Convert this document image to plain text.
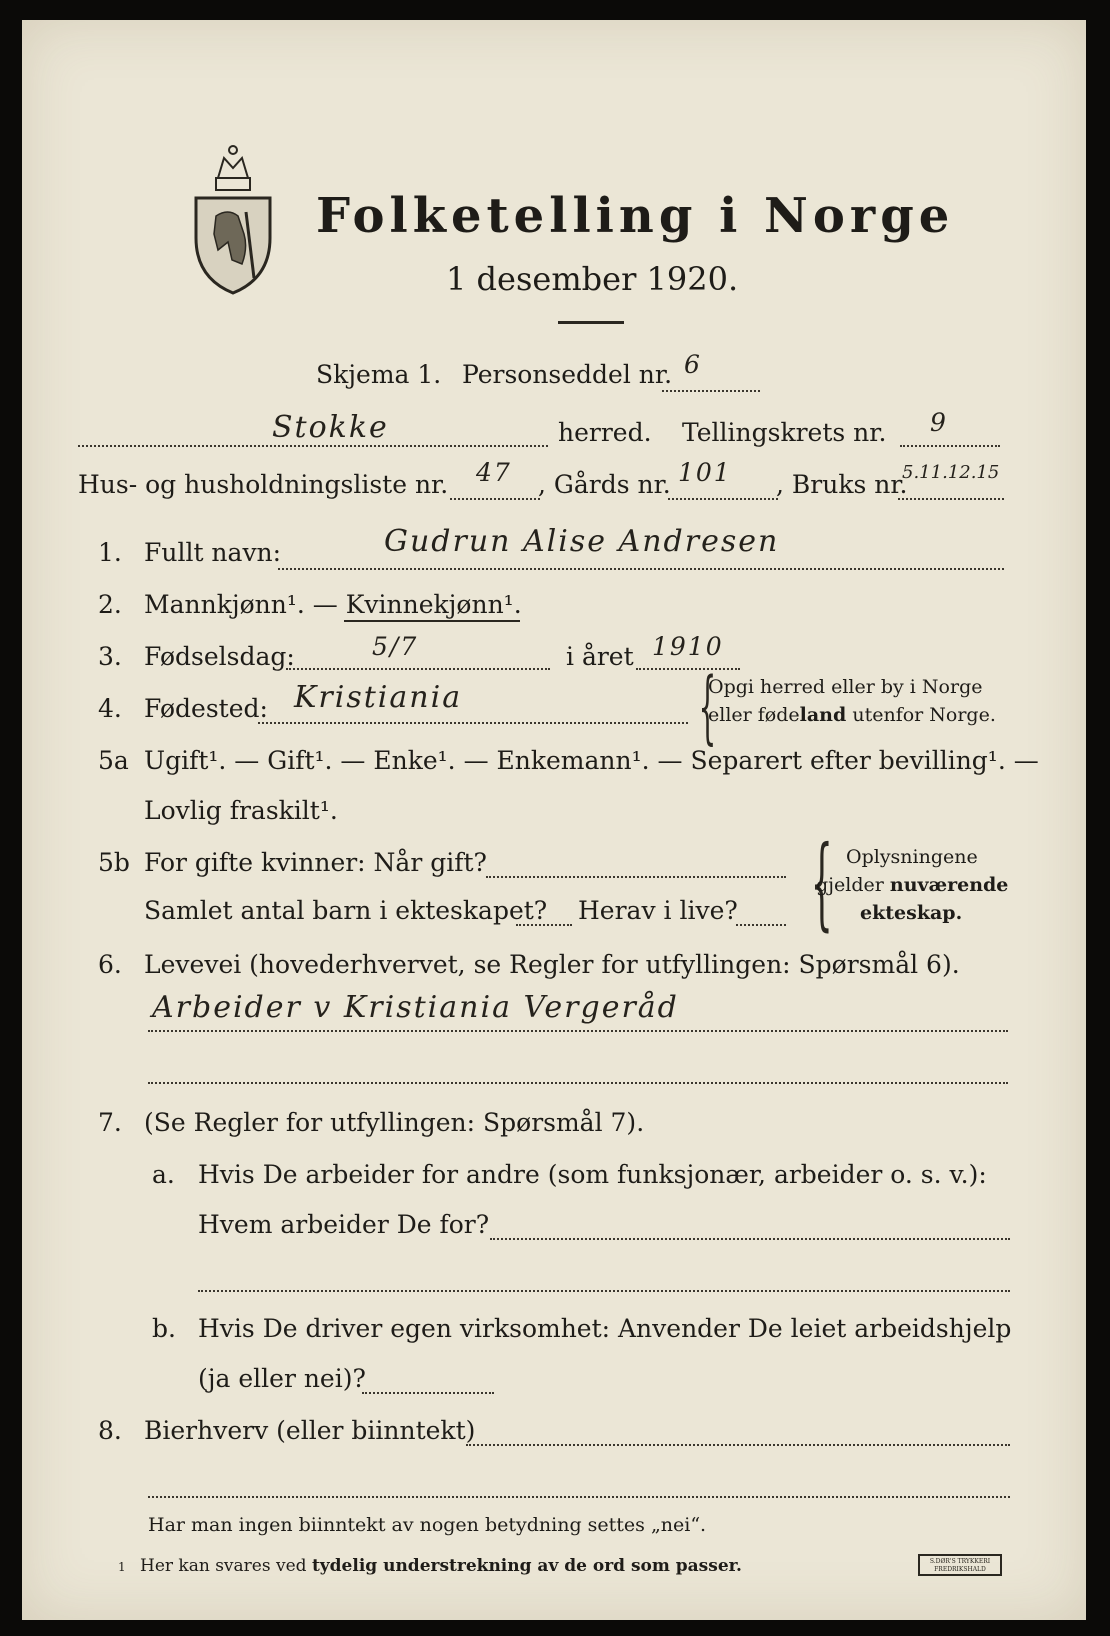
Folketelling i Norge
1 desember 1920.
Skjema 1. Personseddel nr. 6
Stokke	herred. Tellingskrets nr. 9
Hus- og husholdningsliste nr. 47 , Gårds nr. 101 , Bruks nr.
5.11.12.15
1. Fullt navn:	Gudrun Alise Andresen
2. Mannkjønn¹. — Kvinnekjønn¹.
3. Fødselsdag:	5/7	i året 1910
4. Fødested: Kristiania	{
Opgi herred eller by i Norge
eller fødeland utenfor Norge.
5a Ugift¹. — Gift¹. — Enke¹. — Enkemann¹. — Separert efter bevilling¹. —
Lovlig fraskilt¹.
5b For gifte kvinner: Når gift?
Samlet antal barn i ekteskapet? Herav i live? { Oplysningene
gjelder nuværende
ekteskap.
6. Levevei (hovederhvervet, se Regler for utfyllingen: Spørsmål 6).
Arbeider v Kristiania Vergeråd
7. (Se Regler for utfyllingen: Spørsmål 7).
a. Hvis De arbeider for andre (som funksjonær, arbeider o. s. v.):
Hvem arbeider De for?
b. Hvis De driver egen virksomhet: Anvender De leiet arbeidshjelp
(ja eller nei)?
8. Bierhverv (eller biinntekt)
Har man ingen biinntekt av nogen betydning settes „nei“.
1 Her kan svares ved tydelig understrekning av de ord som passer.	S.DØR'S TRYKKERI FREDRIKSHALD
